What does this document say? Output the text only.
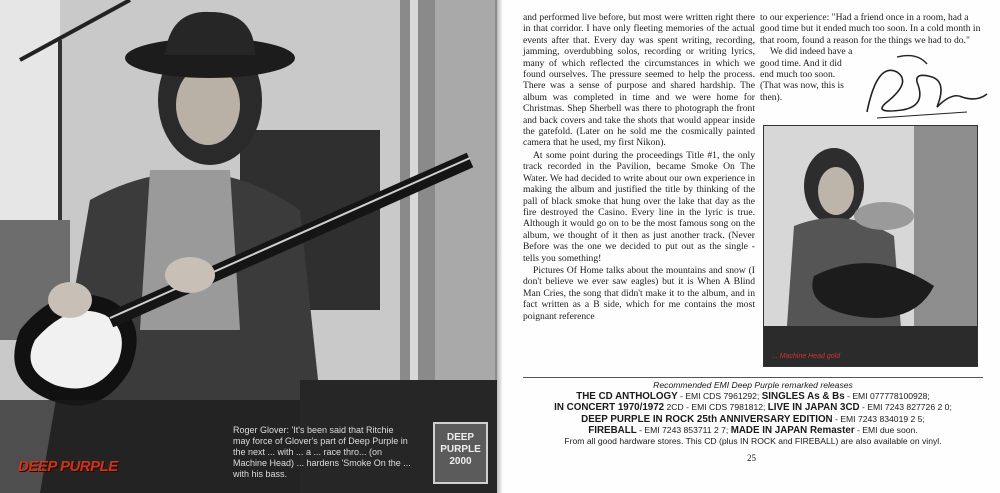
DEEP PURPLE
Roger Glover: 'It's been said that Ritchie may force of Glover's part of Deep Purple in the next ... with ... a ... race thro... (on Machine Head) ... hardens 'Smoke On the ... with his bass.
DEEP PURPLE 2000

and performed live before, but most were written right there in that corridor. I have only fleeting memories of the actual events after that. Every day was spent writing, recording, jamming, overdubbing solos, recording or writing lyrics, many of which reflected the circumstances in which we found ourselves. The pressure seemed to help the process. There was a sense of purpose and shared hardship. The album was completed in time and we were home for Christmas. Shep Sherbell was there to photograph the front and back covers and take the shots that would appear inside the gatefold. (Later on he sold me the cosmically painted camera that he used, my first Nikon).

At some point during the proceedings Title #1, the only track recorded in the Pavilion, became Smoke On The Water. We had decided to write about our own experience in making the album and justified the title by thinking of the pall of black smoke that hung over the lake that day as the fire destroyed the Casino. Every line in the lyric is true. Although it would go on to be the most famous song on the album, we thought of it then as just another track. (Never Before was the one we decided to put out as the single - tells you something!

Pictures Of Home talks about the mountains and snow (I don't believe we ever saw eagles) but it is When A Blind Man Cries, the song that didn't make it to the album, and in fact written as a B side, which for me contains the most poignant reference

to our experience: "Had a friend once in a room, had a good time but it ended much too soon. In a cold month in that room, found a reason for the things we had to do."

We did indeed have a good time. And it did end much too soon. (That was now, this is then).

... Machine Head gold
Recommended EMI Deep Purple remarked releases
THE CD ANTHOLOGY - EMI CDS 7961292; SINGLES As & Bs - EMI 077778100928;
IN CONCERT 1970/1972 2CD - EMI CDS 7981812; LIVE IN JAPAN 3CD - EMI 7243 827726 2 0;
DEEP PURPLE IN ROCK 25th ANNIVERSARY EDITION - EMI 7243 834019 2 5;
FIREBALL - EMI 7243 853711 2 7; MADE IN JAPAN Remaster - EMI due soon.
From all good hardware stores. This CD (plus IN ROCK and FIREBALL) are also available on vinyl.
25
